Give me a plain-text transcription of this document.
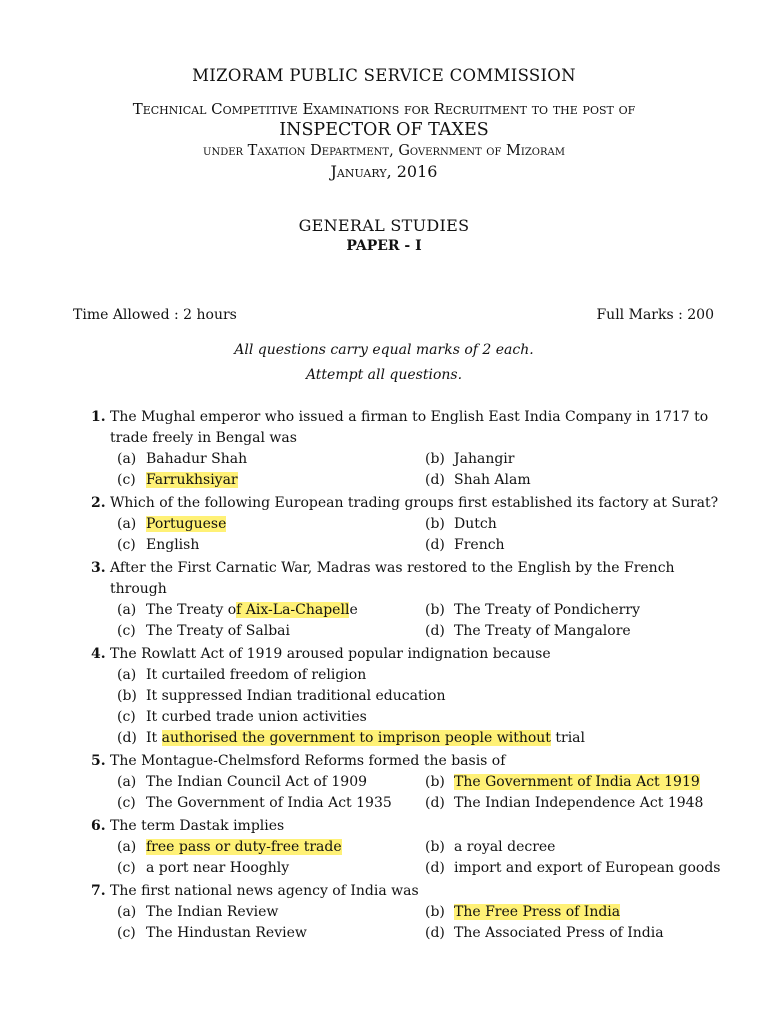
MIZORAM PUBLIC SERVICE COMMISSION
Technical Competitive Examinations for Recruitment to the post of
INSPECTOR OF TAXES
under Taxation Department, Government of Mizoram
January, 2016
GENERAL STUDIES
PAPER - I
Time Allowed : 2 hours	Full Marks : 200
All questions carry equal marks of 2 each.
Attempt all questions.
1. The Mughal emperor who issued a firman to English East India Company in 1717 to trade freely in Bengal was
(a) Bahadur Shah	(b) Jahangir
(c) Farrukhsiyar	(d) Shah Alam
2. Which of the following European trading groups first established its factory at Surat?
(a) Portuguese	(b) Dutch
(c) English	(d) French
3. After the First Carnatic War, Madras was restored to the English by the French through
(a) The Treaty of Aix-La-Chapelle	(b) The Treaty of Pondicherry
(c) The Treaty of Salbai	(d) The Treaty of Mangalore
4. The Rowlatt Act of 1919 aroused popular indignation because
(a) It curtailed freedom of religion
(b) It suppressed Indian traditional education
(c) It curbed trade union activities
(d) It authorised the government to imprison people without trial
5. The Montague-Chelmsford Reforms formed the basis of
(a) The Indian Council Act of 1909	(b) The Government of India Act 1919
(c) The Government of India Act 1935 (d) The Indian Independence Act 1948
6. The term Dastak implies
(a) free pass or duty-free trade	(b) a royal decree
(c) a port near Hooghly	(d) import and export of European goods
7. The first national news agency of India was
(a) The Indian Review	(b) The Free Press of India
(c) The Hindustan Review	(d) The Associated Press of India
